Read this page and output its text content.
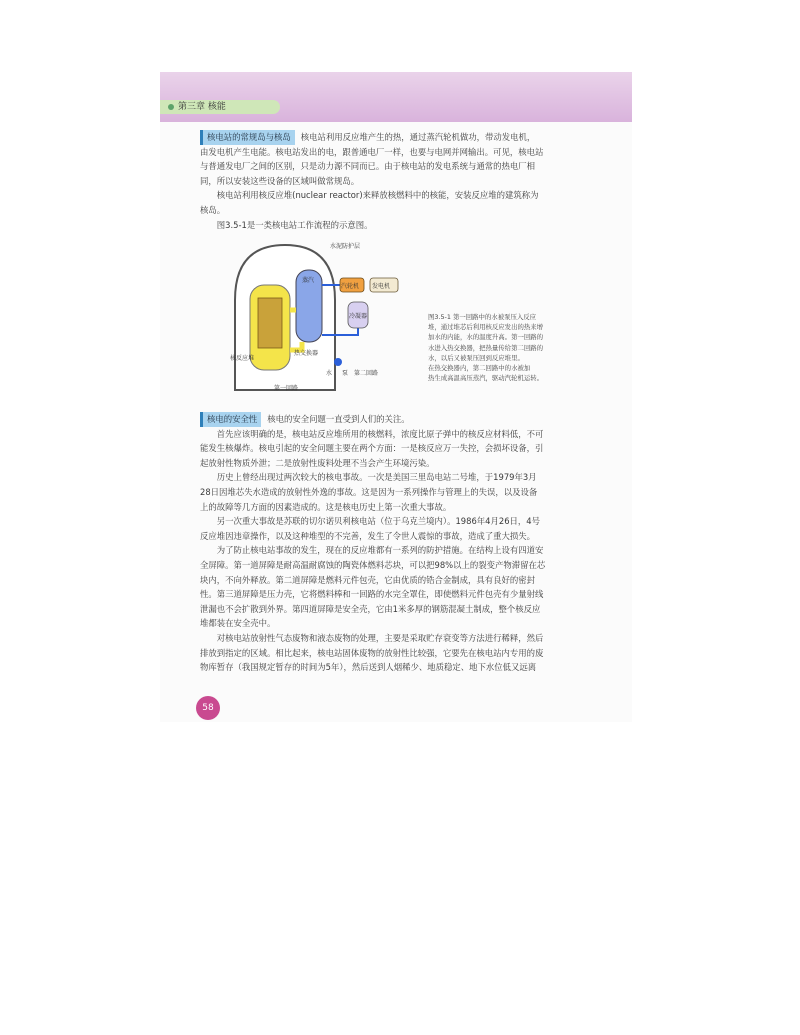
第三章 核能
核电站的常规岛与核岛 核电站利用反应堆产生的热，通过蒸汽轮机做功，带动发电机，
由发电机产生电能。核电站发出的电，跟普通电厂一样，也要与电网并网输出。可见，核电站
与普通发电厂之间的区别，只是动力源不同而已。由于核电站的发电系统与通常的热电厂相
同，所以安装这些设备的区域叫做常规岛。
核电站利用核反应堆(nuclear reactor)来释放核燃料中的核能，安装反应堆的建筑称为
核岛。
图3.5-1是一类核电站工作流程的示意图。
水泥防护层
蒸汽
汽轮机 发电机
冷凝器
核反应堆
热交换器
第一回路
水 泵 第二回路
图3.5-1 第一回路中的水被泵压入反应
堆，通过堆芯后利用核反应发出的热来增
加水的内能，水的温度升高。第一回路的
水进入热交换器，把热量传给第二回路的
水，以后又被泵压回到反应堆里。
在热交换器内，第二回路中的水被加
热生成高温高压蒸汽，驱动汽轮机运转。
核电的安全性 核电的安全问题一直受到人们的关注。
首先应该明确的是，核电站反应堆所用的核燃料，浓度比原子弹中的核反应材料低，不可
能发生核爆炸。核电引起的安全问题主要在两个方面：一是核反应万一失控，会损坏设备，引
起放射性物质外泄；二是放射性废料处理不当会产生环境污染。
历史上曾经出现过两次较大的核电事故。一次是美国三里岛电站二号堆，于1979年3月
28日因堆芯失水造成的放射性外逸的事故。这是因为一系列操作与管理上的失误，以及设备
上的故障等几方面的因素造成的。这是核电历史上第一次重大事故。
另一次重大事故是苏联的切尔诺贝利核电站（位于乌克兰境内）。1986年4月26日，4号
反应堆因违章操作，以及这种堆型的不完善，发生了令世人震惊的事故，造成了重大损失。
为了防止核电站事故的发生，现在的反应堆都有一系列的防护措施。在结构上设有四道安
全屏障。第一道屏障是耐高温耐腐蚀的陶瓷体燃料芯块，可以把98%以上的裂变产物滞留在芯
块内，不向外释放。第二道屏障是燃料元件包壳，它由优质的锆合金制成，具有良好的密封
性。第三道屏障是压力壳，它将燃料棒和一回路的水完全罩住，即使燃料元件包壳有少量射线
泄漏也不会扩散到外界。第四道屏障是安全壳，它由1米多厚的钢筋混凝土制成，整个核反应
堆都装在安全壳中。
对核电站放射性气态废物和液态废物的处理，主要是采取贮存衰变等方法进行稀释，然后
排放到指定的区域。相比起来，核电站固体废物的放射性比较强，它要先在核电站内专用的废
物库暂存（我国规定暂存的时间为5年），然后送到人烟稀少、地质稳定、地下水位低又远离
58
